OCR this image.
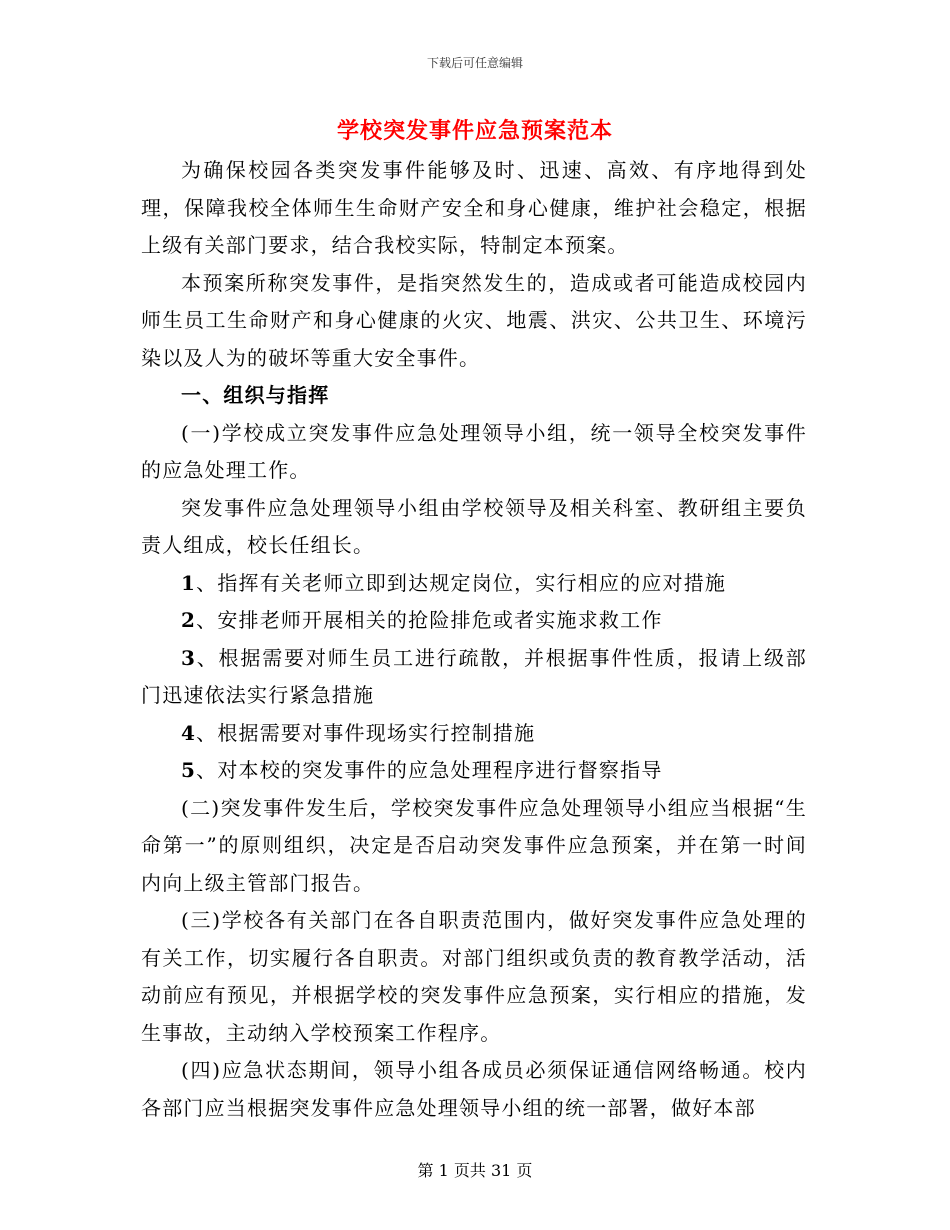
下载后可任意编辑
学校突发事件应急预案范本

为确保校园各类突发事件能够及时、迅速、高效、有序地得到处理，保障我校全体师生生命财产安全和身心健康，维护社会稳定，根据上级有关部门要求，结合我校实际，特制定本预案。

本预案所称突发事件，是指突然发生的，造成或者可能造成校园内师生员工生命财产和身心健康的火灾、地震、洪灾、公共卫生、环境污染以及人为的破坏等重大安全事件。

一、组织与指挥

(一)学校成立突发事件应急处理领导小组，统一领导全校突发事件的应急处理工作。

突发事件应急处理领导小组由学校领导及相关科室、教研组主要负责人组成，校长任组长。

1、指挥有关老师立即到达规定岗位，实行相应的应对措施

2、安排老师开展相关的抢险排危或者实施求救工作

3、根据需要对师生员工进行疏散，并根据事件性质，报请上级部门迅速依法实行紧急措施

4、根据需要对事件现场实行控制措施

5、对本校的突发事件的应急处理程序进行督察指导

(二)突发事件发生后，学校突发事件应急处理领导小组应当根据“生命第一”的原则组织，决定是否启动突发事件应急预案，并在第一时间内向上级主管部门报告。

(三)学校各有关部门在各自职责范围内，做好突发事件应急处理的有关工作，切实履行各自职责。对部门组织或负责的教育教学活动，活动前应有预见，并根据学校的突发事件应急预案，实行相应的措施，发生事故，主动纳入学校预案工作程序。

(四)应急状态期间，领导小组各成员必须保证通信网络畅通。校内各部门应当根据突发事件应急处理领导小组的统一部署，做好本部

第 1 页共 31 页
